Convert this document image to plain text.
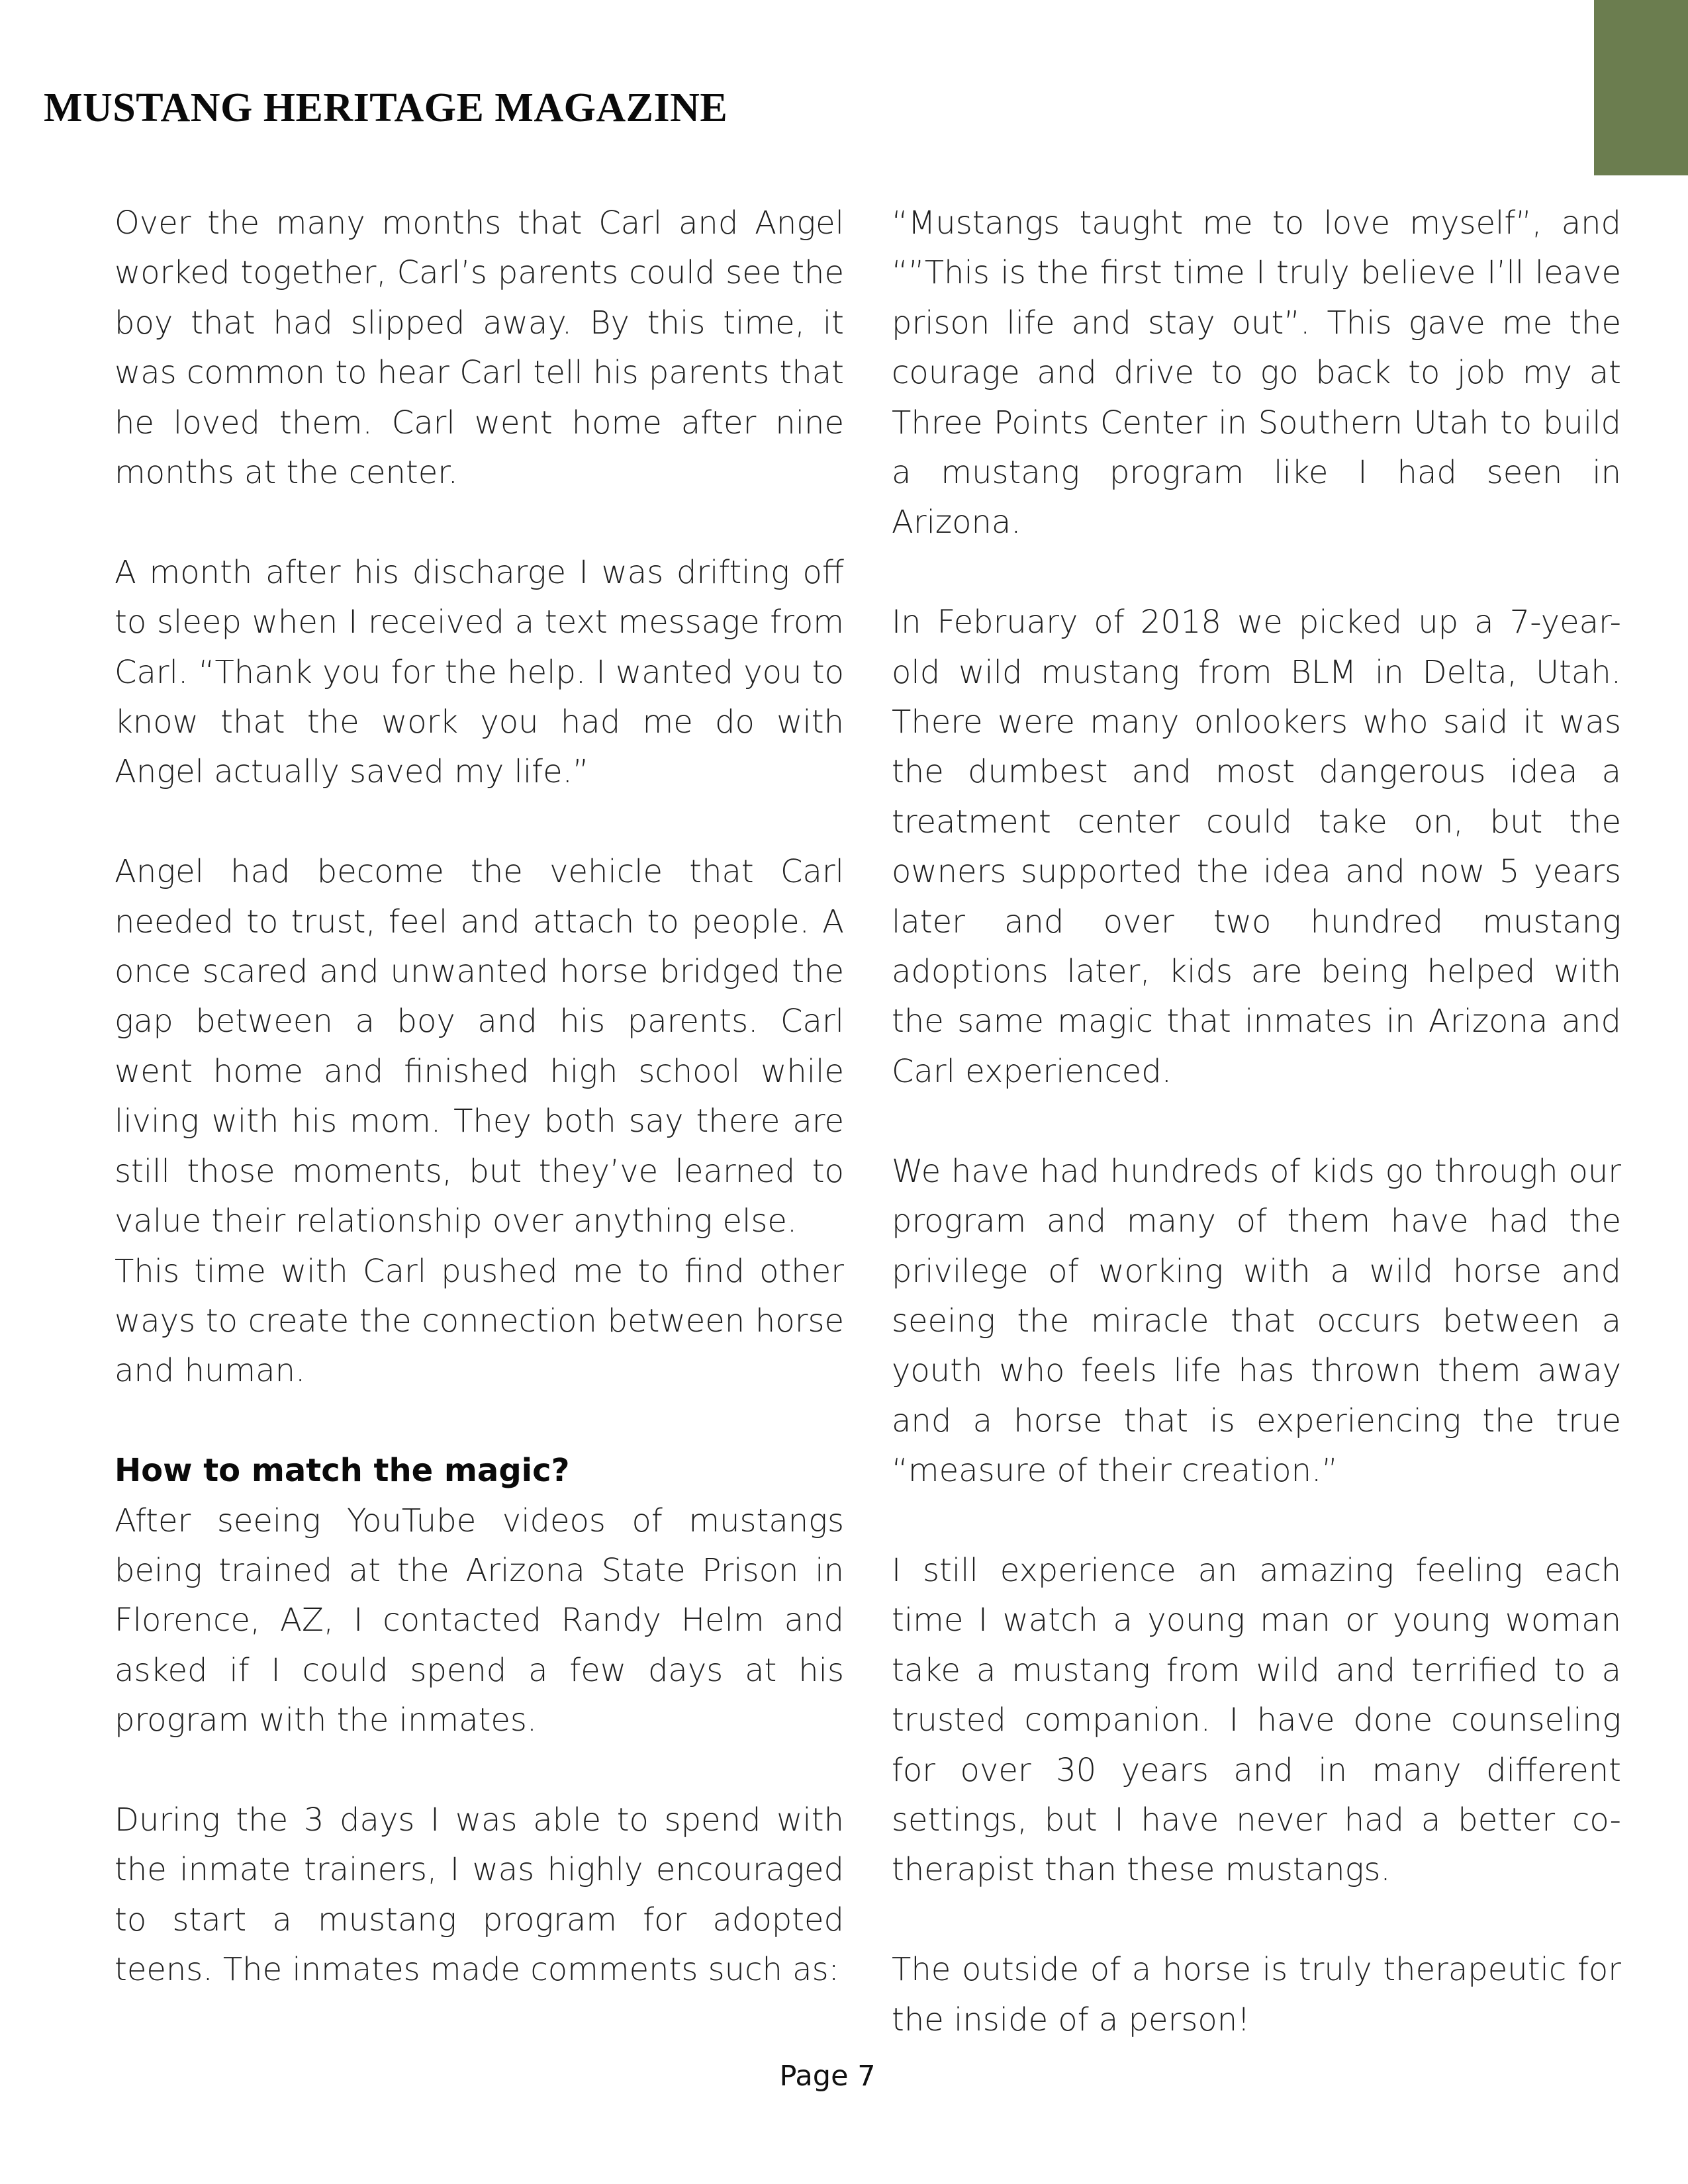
MUSTANG HERITAGE MAGAZINE

Over the many months that Carl and Angel worked together, Carl’s parents could see the boy that had slipped away. By this time, it was common to hear Carl tell his parents that he loved them. Carl went home after nine months at the center.

A month after his discharge I was drifting off to sleep when I received a text message from Carl. “Thank you for the help. I wanted you to know that the work you had me do with Angel actually saved my life.”

Angel had become the vehicle that Carl needed to trust, feel and attach to people. A once scared and unwanted horse bridged the gap between a boy and his parents. Carl went home and finished high school while living with his mom. They both say there are still those moments, but they’ve learned to value their relationship over anything else.

This time with Carl pushed me to find other ways to create the connection between horse and human.

How to match the magic?

After seeing YouTube videos of mustangs being trained at the Arizona State Prison in Florence, AZ, I contacted Randy Helm and asked if I could spend a few days at his program with the inmates.

During the 3 days I was able to spend with the inmate trainers, I was highly encouraged to start a mustang program for adopted teens. The inmates made comments such as:

“Mustangs taught me to love myself”, and “”This is the first time I truly believe I’ll leave prison life and stay out”. This gave me the courage and drive to go back to job my at Three Points Center in Southern Utah to build a mustang program like I had seen in Arizona.

In February of 2018 we picked up a 7-year-old wild mustang from BLM in Delta, Utah. There were many onlookers who said it was the dumbest and most dangerous idea a treatment center could take on, but the owners supported the idea and now 5 years later and over two hundred mustang adoptions later, kids are being helped with the same magic that inmates in Arizona and Carl experienced.

We have had hundreds of kids go through our program and many of them have had the privilege of working with a wild horse and seeing the miracle that occurs between a youth who feels life has thrown them away and a horse that is experiencing the true “measure of their creation.”

I still experience an amazing feeling each time I watch a young man or young woman take a mustang from wild and terrified to a trusted companion. I have done counseling for over 30 years and in many different settings, but I have never had a better co-therapist than these mustangs.

The outside of a horse is truly therapeutic for the inside of a person!

Page 7
